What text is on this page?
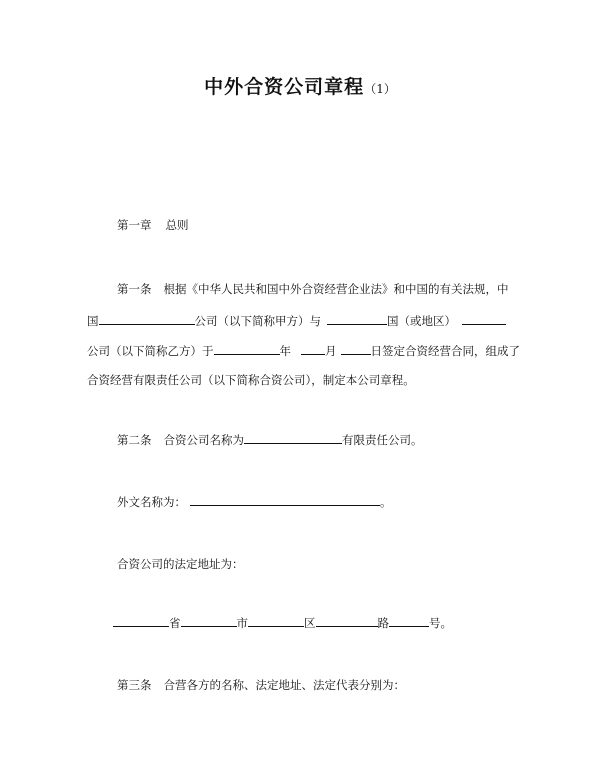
中外合资公司章程（1）
第一章 总则
第一条 根据《中华人民共和国中外合资经营企业法》和中国的有关法规，中
国	公司（以下简称甲方）与	国（或地区）
公司（以下简称乙方）于	年	月	日签定合资经营合同，组成了
合资经营有限责任公司（以下简称合资公司），制定本公司章程。
第二条 合资公司名称为	有限责任公司。
外文名称为：	。
合资公司的法定地址为：
省	市	区	路	号。
第三条 合营各方的名称、法定地址、法定代表分别为：
